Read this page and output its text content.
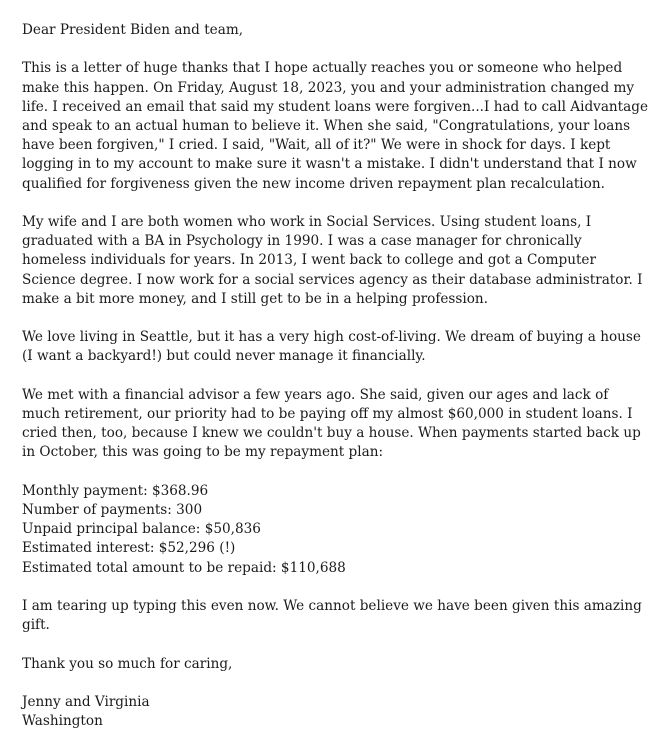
Dear President Biden and team,

This is a letter of huge thanks that I hope actually reaches you or someone who helped make this happen. On Friday, August 18, 2023, you and your administration changed my life. I received an email that said my student loans were forgiven...I had to call Aidvantage and speak to an actual human to believe it. When she said, "Congratulations, your loans have been forgiven," I cried. I said, "Wait, all of it?" We were in shock for days. I kept logging in to my account to make sure it wasn't a mistake. I didn't understand that I now qualified for forgiveness given the new income driven repayment plan recalculation.

My wife and I are both women who work in Social Services. Using student loans, I graduated with a BA in Psychology in 1990. I was a case manager for chronically homeless individuals for years. In 2013, I went back to college and got a Computer Science degree. I now work for a social services agency as their database administrator. I make a bit more money, and I still get to be in a helping profession.

We love living in Seattle, but it has a very high cost-of-living. We dream of buying a house (I want a backyard!) but could never manage it financially.

We met with a financial advisor a few years ago. She said, given our ages and lack of much retirement, our priority had to be paying off my almost $60,000 in student loans. I cried then, too, because I knew we couldn't buy a house. When payments started back up in October, this was going to be my repayment plan:

Monthly payment: $368.96
Number of payments: 300
Unpaid principal balance: $50,836
Estimated interest: $52,296 (!)
Estimated total amount to be repaid: $110,688

I am tearing up typing this even now. We cannot believe we have been given this amazing gift.

Thank you so much for caring,

Jenny and Virginia
Washington
